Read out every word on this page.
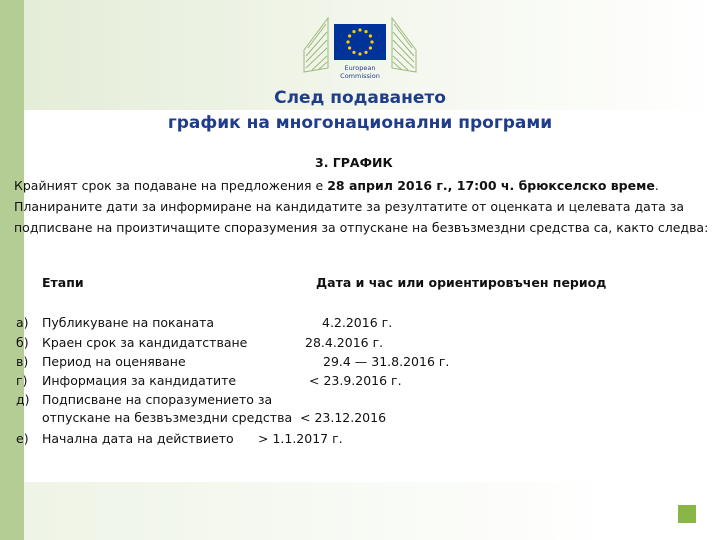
European
Commission
След подаването
график на многонационални програми
3. ГРАФИК
Крайният срок за подаване на предложения е 28 април 2016 г., 17:00 ч. брюкселско време. Планираните дати за информиране на кандидатите за резултатите от оценката и целевата дата за подписване на произтичащите споразумения за отпускане на безвъзмездни средства са, както следва:
Етапи	Дата и час или ориентировъчен период
а) Публикуване на поканата	4.2.2016 г.
б) Краен срок за кандидатстване	28.4.2016 г.
в) Период на оценяване	29.4 — 31.8.2016 г.
г) Информация за кандидатите	< 23.9.2016 г.
д) Подписване на споразумението за
отпускане на безвъзмездни средства < 23.12.2016
е) Начална дата на действието > 1.1.2017 г.
